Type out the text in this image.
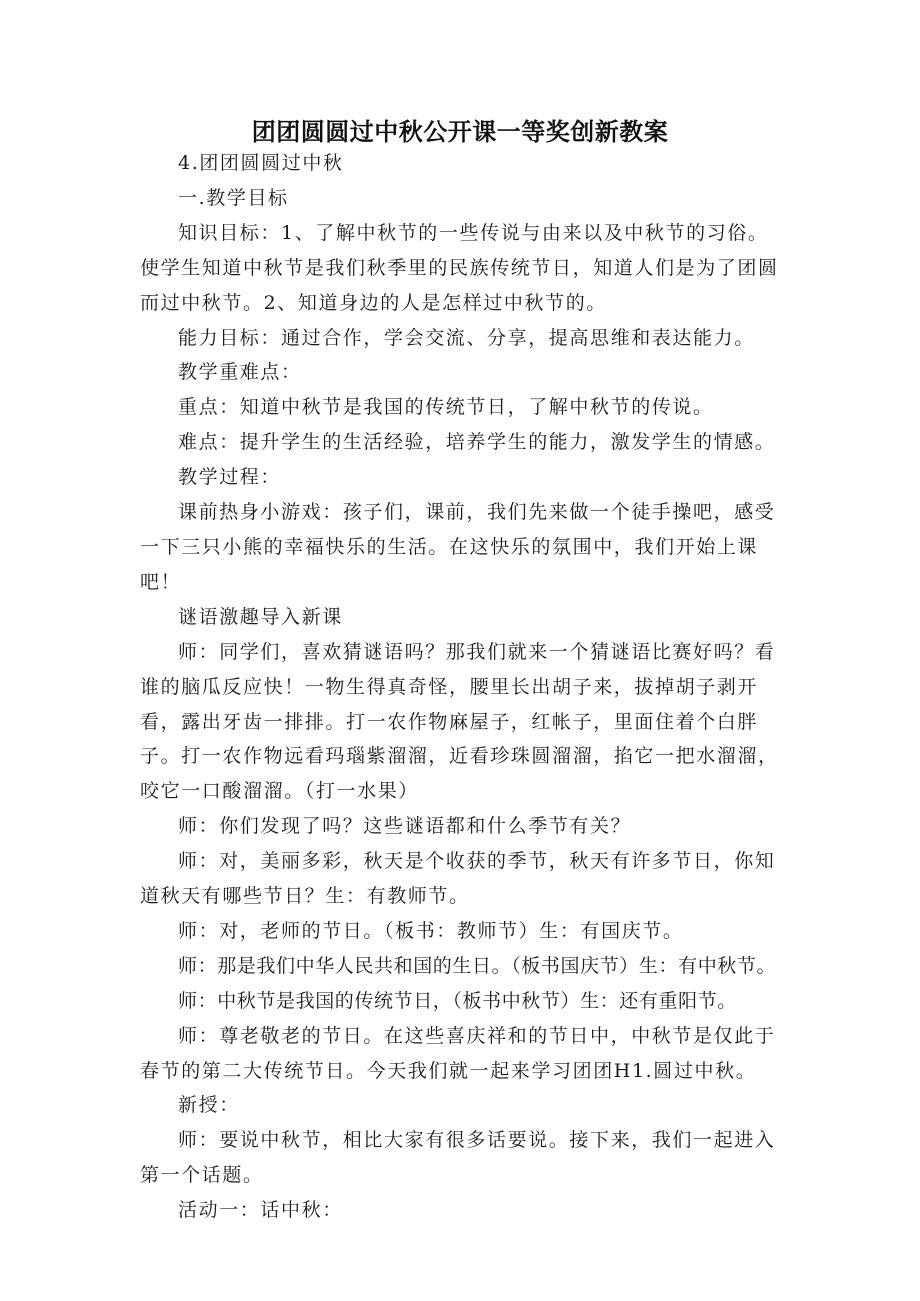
团团圆圆过中秋公开课一等奖创新教案

4.团团圆圆过中秋

一.教学目标

知识目标：1、了解中秋节的一些传说与由来以及中秋节的习俗。使学生知道中秋节是我们秋季里的民族传统节日，知道人们是为了团圆而过中秋节。2、知道身边的人是怎样过中秋节的。

能力目标：通过合作，学会交流、分享，提高思维和表达能力。

教学重难点：

重点：知道中秋节是我国的传统节日，了解中秋节的传说。

难点：提升学生的生活经验，培养学生的能力，激发学生的情感。

教学过程：

课前热身小游戏：孩子们，课前，我们先来做一个徒手操吧，感受一下三只小熊的幸福快乐的生活。在这快乐的氛围中，我们开始上课吧！

谜语激趣导入新课

师：同学们，喜欢猜谜语吗？那我们就来一个猜谜语比赛好吗？看谁的脑瓜反应快！一物生得真奇怪，腰里长出胡子来，拔掉胡子剥开看，露出牙齿一排排。打一农作物麻屋子，红帐子，里面住着个白胖子。打一农作物远看玛瑙紫溜溜，近看珍珠圆溜溜，掐它一把水溜溜，咬它一口酸溜溜。（打一水果）

师：你们发现了吗？这些谜语都和什么季节有关？

师：对，美丽多彩，秋天是个收获的季节，秋天有许多节日，你知道秋天有哪些节日？生：有教师节。

师：对，老师的节日。（板书：教师节）生：有国庆节。

师：那是我们中华人民共和国的生日。（板书国庆节）生：有中秋节。

师：中秋节是我国的传统节日，（板书中秋节）生：还有重阳节。

师：尊老敬老的节日。在这些喜庆祥和的节日中，中秋节是仅此于春节的第二大传统节日。今天我们就一起来学习团团H1.圆过中秋。

新授：

师：要说中秋节，相比大家有很多话要说。接下来，我们一起进入第一个话题。

活动一：话中秋：
